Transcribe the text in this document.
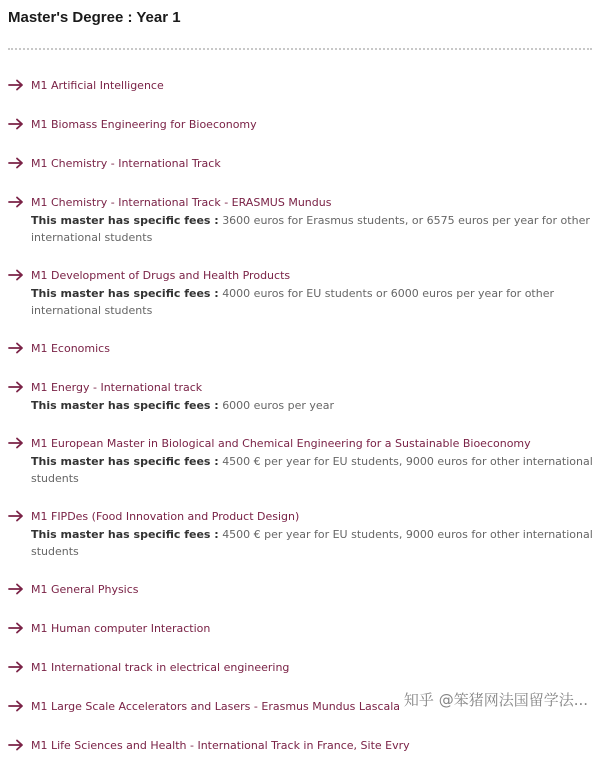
Master's Degree : Year 1
M1 Artificial Intelligence
M1 Biomass Engineering for Bioeconomy
M1 Chemistry - International Track
M1 Chemistry - International Track - ERASMUS Mundus

This master has specific fees : 3600 euros for Erasmus students, or 6575 euros per year for other international students

M1 Development of Drugs and Health Products

This master has specific fees : 4000 euros for EU students or 6000 euros per year for other international students

M1 Economics
M1 Energy - International track

This master has specific fees : 6000 euros per year

M1 European Master in Biological and Chemical Engineering for a Sustainable Bioeconomy

This master has specific fees : 4500 € per year for EU students, 9000 euros for other international students

M1 FIPDes (Food Innovation and Product Design)

This master has specific fees : 4500 € per year for EU students, 9000 euros for other international students

M1 General Physics
M1 Human computer Interaction
M1 International track in electrical engineering
M1 Large Scale Accelerators and Lasers - Erasmus Mundus Lascala
M1 Life Sciences and Health - International Track in France, Site Evry
知乎 @笨猪网法国留学法...
